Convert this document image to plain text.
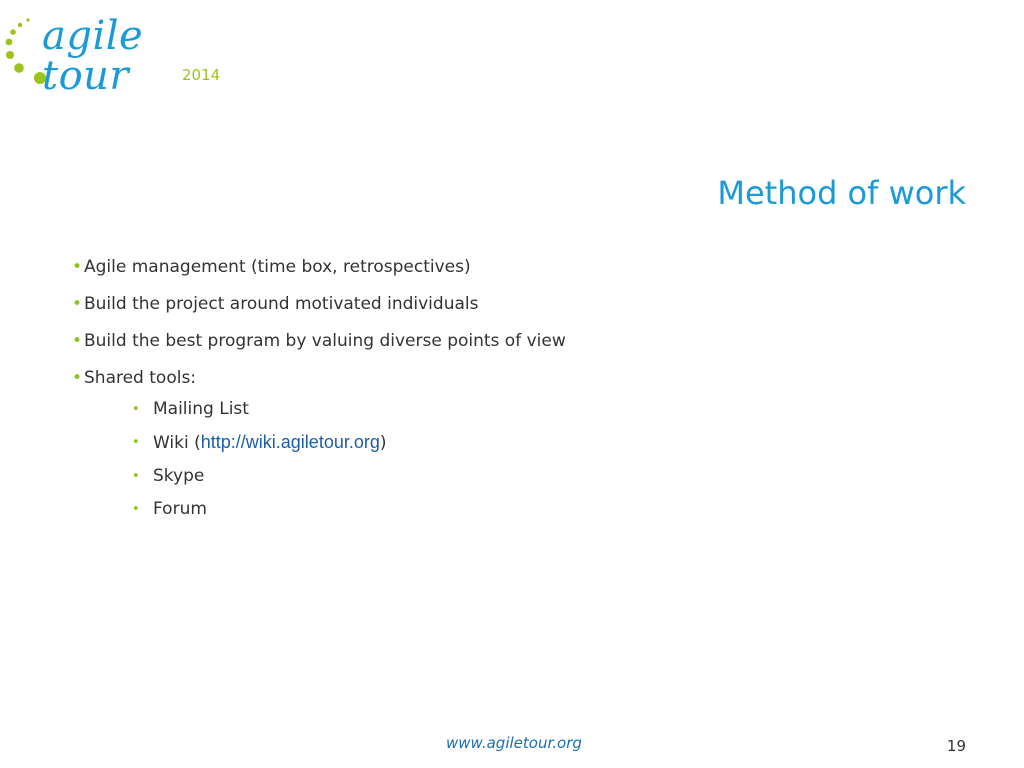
agile tour	2014
Method of work
• Agile management (time box, retrospectives)
• Build the project around motivated individuals
• Build the best program by valuing diverse points of view
• Shared tools:
• Mailing List
• Wiki (http://wiki.agiletour.org)
• Skype
• Forum
www.agiletour.org	19
